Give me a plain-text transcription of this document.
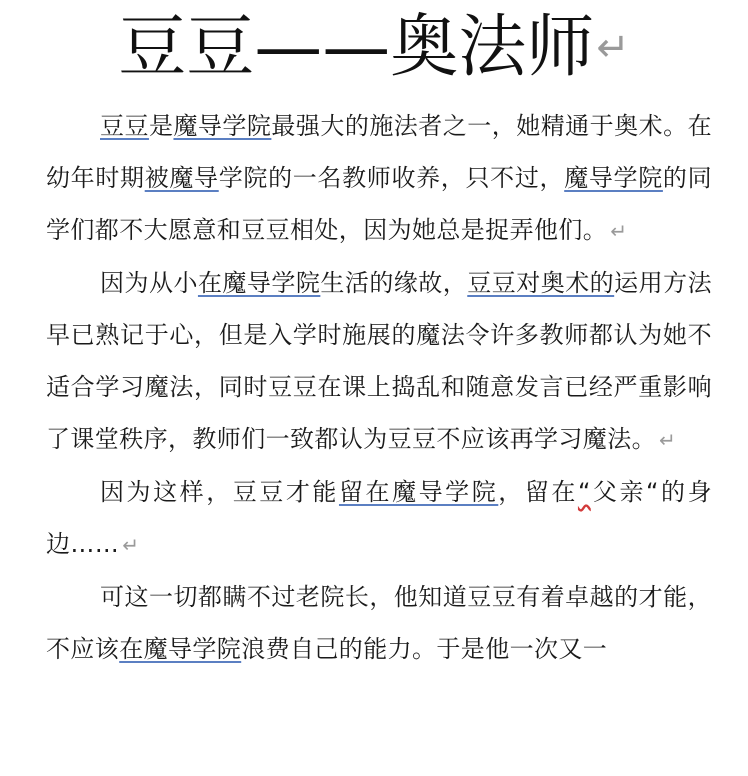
豆豆——奥法师↵

豆豆是魔导学院最强大的施法者之一，她精通于奥术。在幼年时期被魔导学院的一名教师收养，只不过，魔导学院的同学们都不大愿意和豆豆相处，因为她总是捉弄他们。 ↵

因为从小在魔导学院生活的缘故，豆豆对奥术的运用方法早已熟记于心，但是入学时施展的魔法令许多教师都认为她不适合学习魔法，同时豆豆在课上捣乱和随意发言已经严重影响了课堂秩序，教师们一致都认为豆豆不应该再学习魔法。 ↵

因为这样，豆豆才能留在魔导学院，留在“父亲“的身边…… ↵

可这一切都瞒不过老院长，他知道豆豆有着卓越的才能，不应该在魔导学院浪费自己的能力。于是他一次又一
